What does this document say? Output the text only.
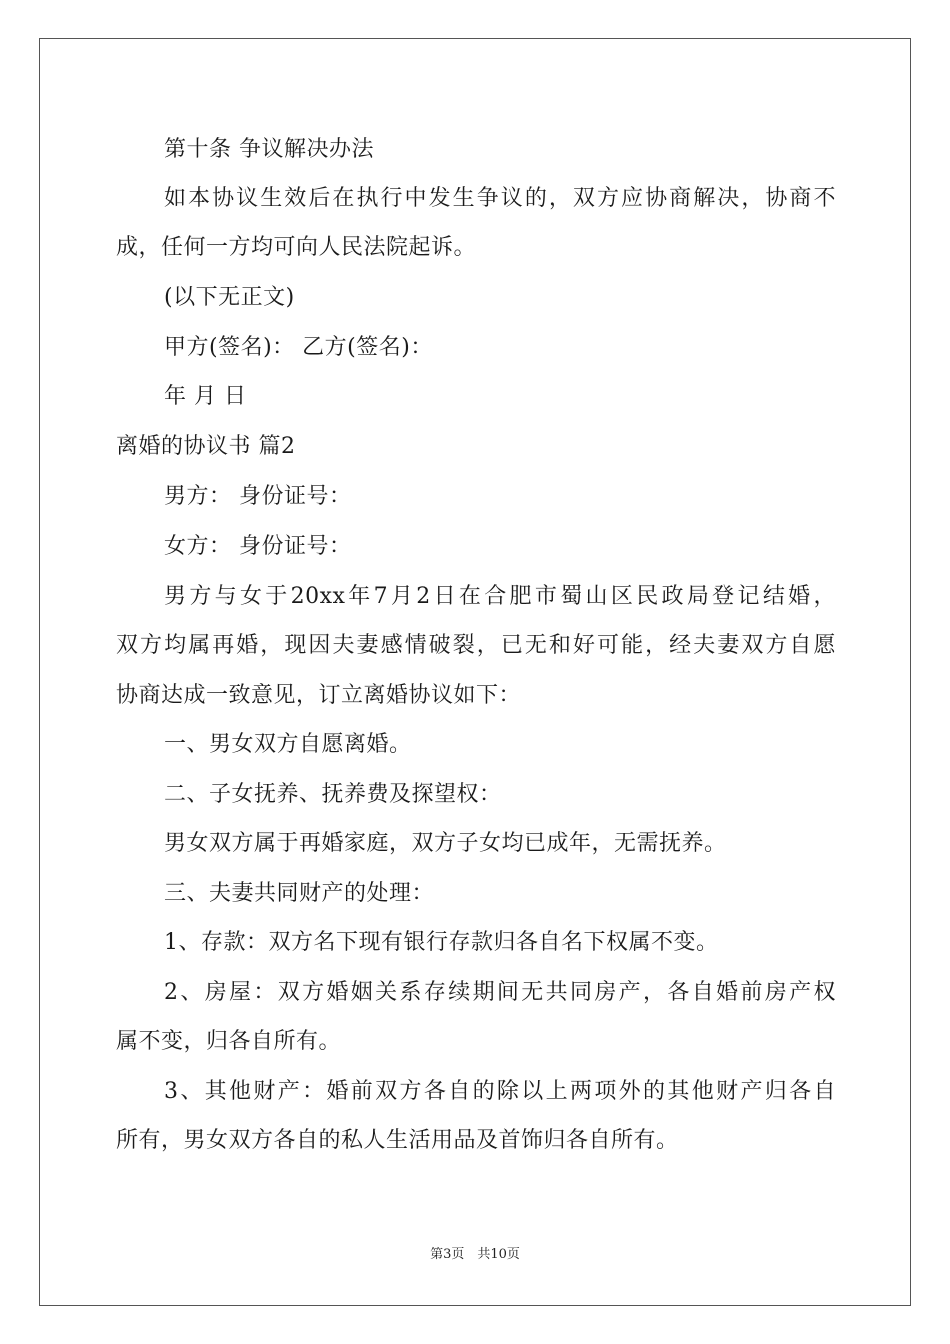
第十条 争议解决办法
如本协议生效后在执行中发生争议的，双方应协商解决，协商不
成，任何一方均可向人民法院起诉。
(以下无正文)
甲方(签名)： 乙方(签名)：
年 月 日
离婚的协议书 篇2
男方： 身份证号：
女方： 身份证号：
男方与女于20xx年7月2日在合肥市蜀山区民政局登记结婚，
双方均属再婚，现因夫妻感情破裂，已无和好可能，经夫妻双方自愿
协商达成一致意见，订立离婚协议如下：
一、男女双方自愿离婚。
二、子女抚养、抚养费及探望权：
男女双方属于再婚家庭，双方子女均已成年，无需抚养。
三、夫妻共同财产的处理：
1、存款：双方名下现有银行存款归各自名下权属不变。
2、房屋：双方婚姻关系存续期间无共同房产，各自婚前房产权
属不变，归各自所有。
3、其他财产：婚前双方各自的除以上两项外的其他财产归各自
所有，男女双方各自的私人生活用品及首饰归各自所有。
第3页　共10页
